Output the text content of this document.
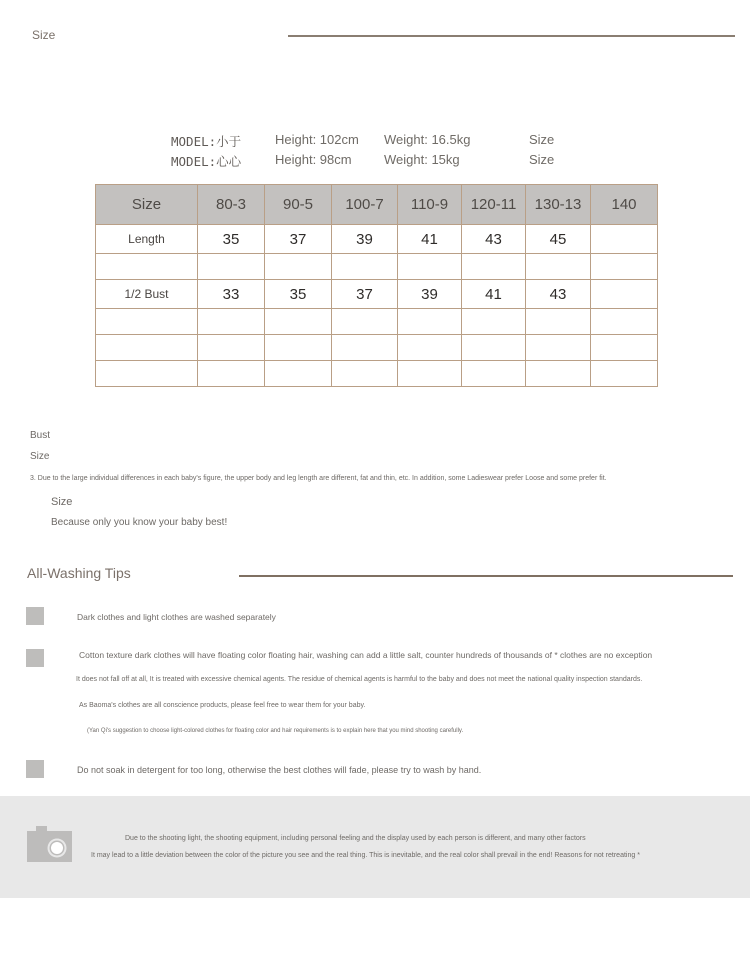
Size
MODEL:小于	Height: 102cm Weight: 16.5kg	Size
MODEL:心心	Height: 98cm Weight: 15kg	Size
Size	80-3	90-5	100-7	110-9	120-11	130-13	140
Length	35	37	39	41	43	45	

1/2 Bust	33	35	37	39	41	43	

Bust
Size
3. Due to the large individual differences in each baby's figure, the upper body and leg length are different, fat and thin, etc. In addition, some Ladieswear prefer Loose and some prefer fit.
Size
Because only you know your baby best!
All-Washing Tips
Dark clothes and light clothes are washed separately
Cotton texture dark clothes will have floating color floating hair, washing can add a little salt, counter hundreds of thousands of * clothes are no exception
It does not fall off at all, It is treated with excessive chemical agents. The residue of chemical agents is harmful to the baby and does not meet the national quality inspection standards.
As Baoma's clothes are all conscience products, please feel free to wear them for your baby.
(Yan Qi's suggestion to choose light-colored clothes for floating color and hair requirements is to explain here that you mind shooting carefully.
Do not soak in detergent for too long, otherwise the best clothes will fade, please try to wash by hand.
Due to the shooting light, the shooting equipment, including personal feeling and the display used by each person is different, and many other factors
It may lead to a little deviation between the color of the picture you see and the real thing. This is inevitable, and the real color shall prevail in the end! Reasons for not retreating *
